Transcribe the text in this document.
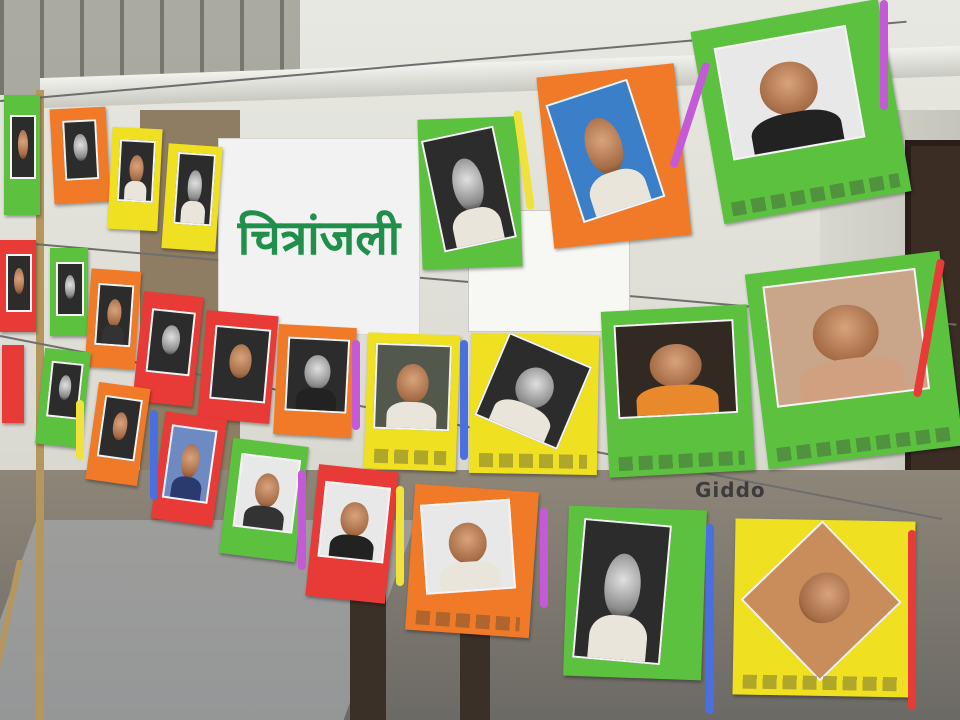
चित्रांजली
Giddo
